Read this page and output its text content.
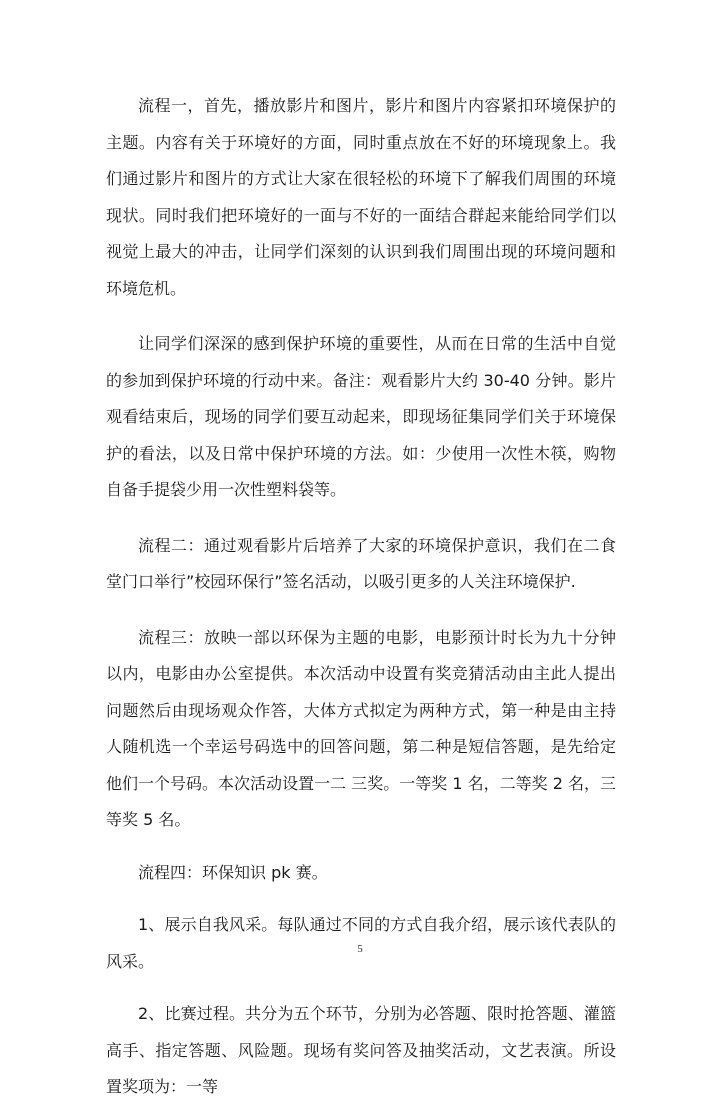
流程一，首先，播放影片和图片，影片和图片内容紧扣环境保护的主题。内容有关于环境好的方面，同时重点放在不好的环境现象上。我们通过影片和图片的方式让大家在很轻松的环境下了解我们周围的环境现状。同时我们把环境好的一面与不好的一面结合群起来能给同学们以视觉上最大的冲击，让同学们深刻的认识到我们周围出现的环境问题和环境危机。

让同学们深深的感到保护环境的重要性，从而在日常的生活中自觉的参加到保护环境的行动中来。备注：观看影片大约 30-40 分钟。影片观看结束后，现场的同学们要互动起来，即现场征集同学们关于环境保护的看法，以及日常中保护环境的方法。如：少使用一次性木筷，购物自备手提袋少用一次性塑料袋等。

流程二：通过观看影片后培养了大家的环境保护意识，我们在二食堂门口举行”校园环保行”签名活动，以吸引更多的人关注环境保护.

流程三：放映一部以环保为主题的电影，电影预计时长为九十分钟以内，电影由办公室提供。本次活动中设置有奖竞猜活动由主此人提出问题然后由现场观众作答，大体方式拟定为两种方式，第一种是由主持人随机选一个幸运号码选中的回答问题，第二种是短信答题，是先给定他们一个号码。本次活动设置一二 三奖。一等奖 1 名，二等奖 2 名，三等奖 5 名。

流程四：环保知识 pk 赛。

1、展示自我风采。每队通过不同的方式自我介绍，展示该代表队的风采。

2、比赛过程。共分为五个环节，分别为必答题、限时抢答题、灌篮高手、指定答题、风险题。现场有奖问答及抽奖活动，文艺表演。所设置奖项为：一等

5
